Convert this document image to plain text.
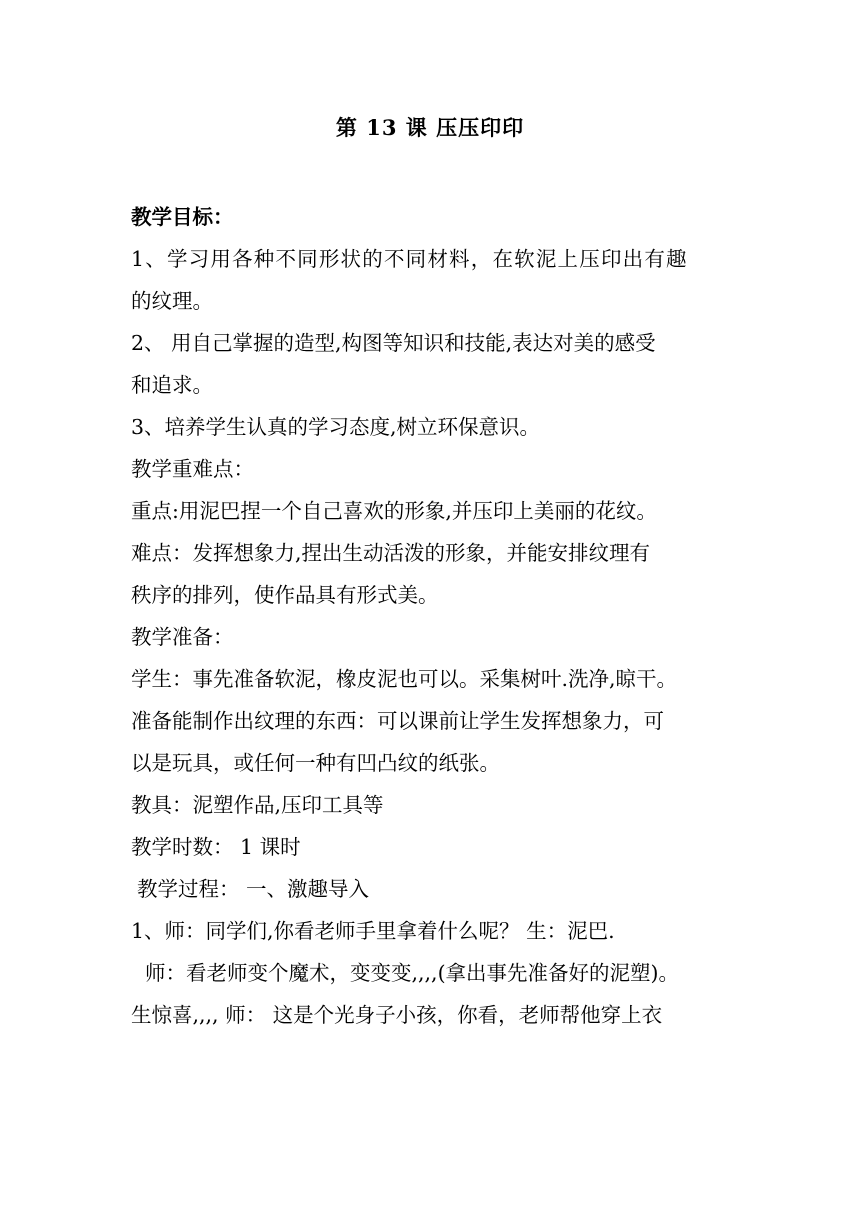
第 13 课 压压印印
教学目标：
1、学习用各种不同形状的不同材料，在软泥上压印出有趣
的纹理。
2、 用自己掌握的造型,构图等知识和技能,表达对美的感受
和追求。
3、培养学生认真的学习态度,树立环保意识。
教学重难点：
重点:用泥巴捏一个自己喜欢的形象,并压印上美丽的花纹。
难点：发挥想象力,捏出生动活泼的形象，并能安排纹理有
秩序的排列，使作品具有形式美。
教学准备：
学生：事先准备软泥，橡皮泥也可以。采集树叶.洗净,晾干。
准备能制作出纹理的东西：可以课前让学生发挥想象力，可
以是玩具，或任何一种有凹凸纹的纸张。
教具：泥塑作品,压印工具等
教学时数： 1 课时
教学过程： 一、激趣导入
1、师：同学们,你看老师手里拿着什么呢？ 生：泥巴.
师：看老师变个魔术，变变变,,,,(拿出事先准备好的泥塑)。
生惊喜,,,, 师： 这是个光身子小孩，你看，老师帮他穿上衣
